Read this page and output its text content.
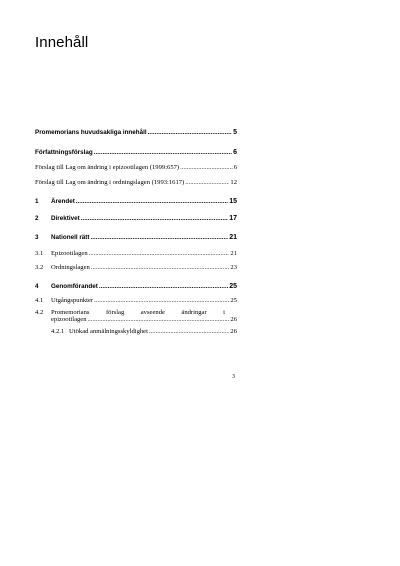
Innehåll
Promemorians huvudsakliga innehåll .....	5
Författningsförslag .....	6
Förslag till Lag om ändring i epizootilagen (1999:657) .....	6
Förslag till Lag om ändring i ordningslagen (1993:1617) .....	12
1	Ärendet .....	15
2	Direktivet .....	17
3	Nationell rätt .....	21
3.1	Epizootilagen .....	21
3.2	Ordningslagen .....	23
4	Genomförandet .....	25
4.1	Utgångspunkter .....	25
4.2	Promemorians förslag avseende ändringar i
epizootilagen .....	26
4.2.1 Utökad anmälningsskyldighet .....	26
3
